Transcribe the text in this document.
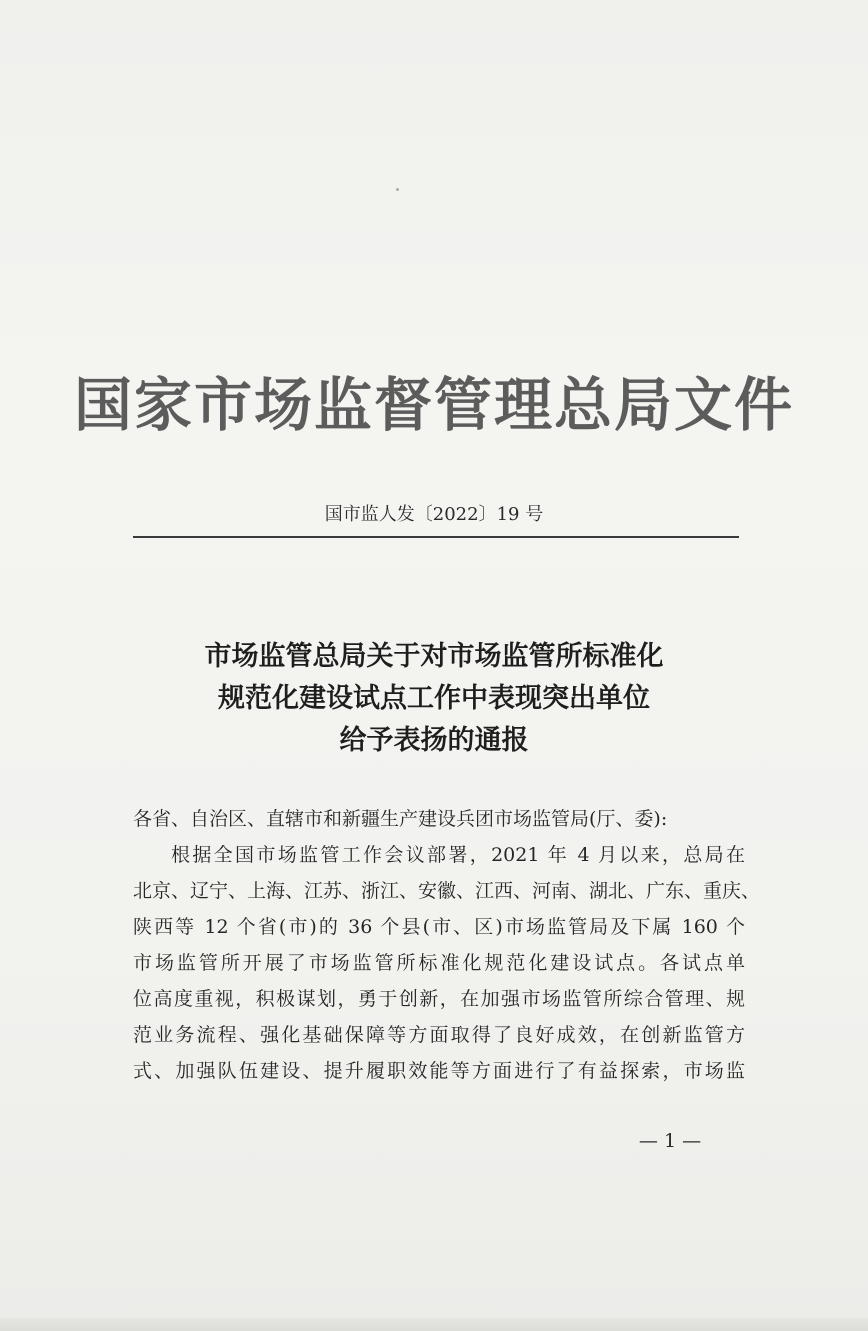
国家市场监督管理总局文件
国市监人发〔2022〕19 号
市场监管总局关于对市场监管所标准化
规范化建设试点工作中表现突出单位
给予表扬的通报
各省、自治区、直辖市和新疆生产建设兵团市场监管局(厅、委):
根据全国市场监管工作会议部署，2021 年 4 月以来，总局在
北京、辽宁、上海、江苏、浙江、安徽、江西、河南、湖北、广东、重庆、
陕西等 12 个省(市)的 36 个县(市、区)市场监管局及下属 160 个
市场监管所开展了市场监管所标准化规范化建设试点。各试点单
位高度重视，积极谋划，勇于创新，在加强市场监管所综合管理、规
范业务流程、强化基础保障等方面取得了良好成效，在创新监管方
式、加强队伍建设、提升履职效能等方面进行了有益探索，市场监
— 1 —
